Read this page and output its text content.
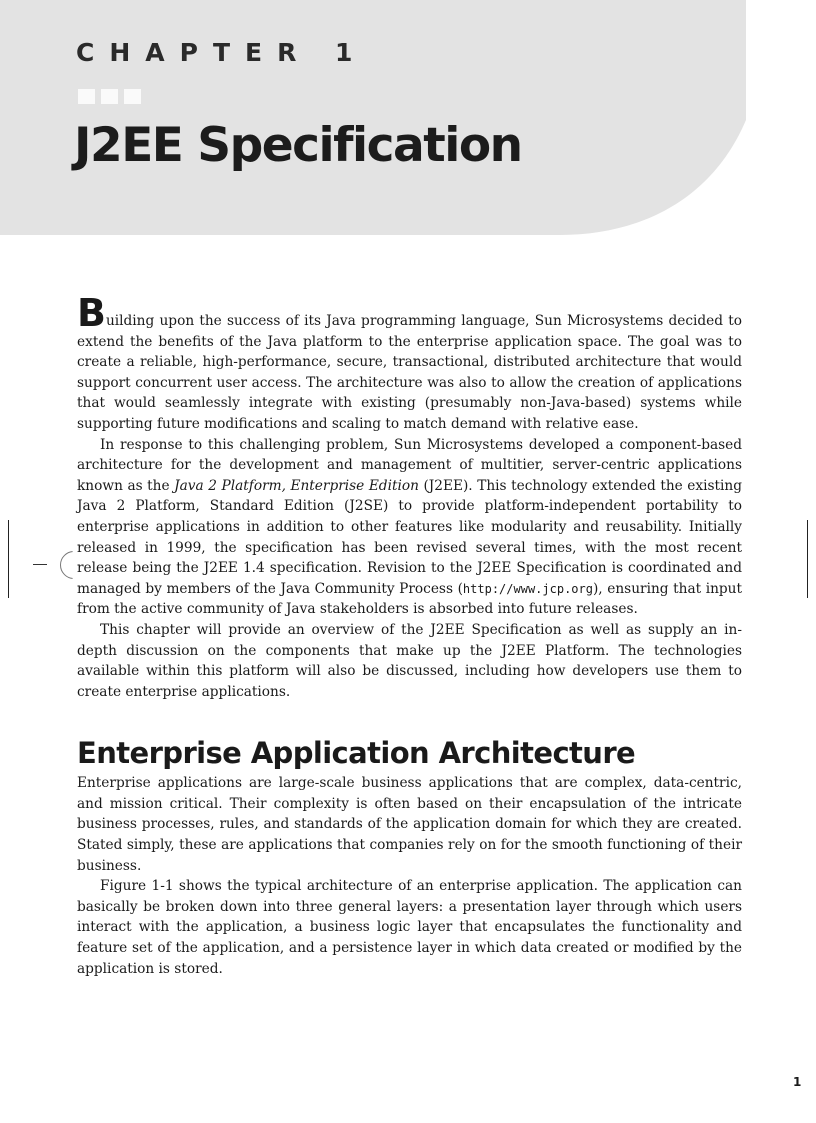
CHAPTER 1
J2EE Specification

Building upon the success of its Java programming language, Sun Microsystems decided to extend the benefits of the Java platform to the enterprise application space. The goal was to create a reliable, high-performance, secure, transactional, distributed architecture that would support concurrent user access. The architecture was also to allow the creation of applications that would seamlessly integrate with existing (presumably non-Java-based) systems while supporting future modifications and scaling to match demand with relative ease.

In response to this challenging problem, Sun Microsystems developed a component-based architecture for the development and management of multitier, server-centric applications known as the Java 2 Platform, Enterprise Edition (J2EE). This technology extended the existing Java 2 Platform, Standard Edition (J2SE) to provide platform-independent portability to enterprise applications in addition to other features like modularity and reusability. Initially released in 1999, the specification has been revised several times, with the most recent release being the J2EE 1.4 specification. Revision to the J2EE Specification is coordinated and managed by members of the Java Community Process (http://www.jcp.org), ensuring that input from the active community of Java stakeholders is absorbed into future releases.

This chapter will provide an overview of the J2EE Specification as well as supply an in-depth discussion on the components that make up the J2EE Platform. The technologies available within this platform will also be discussed, including how developers use them to create enterprise applications.

Enterprise Application Architecture

Enterprise applications are large-scale business applications that are complex, data-centric, and mission critical. Their complexity is often based on their encapsulation of the intricate business processes, rules, and standards of the application domain for which they are created. Stated simply, these are applications that companies rely on for the smooth functioning of their business.

Figure 1-1 shows the typical architecture of an enterprise application. The application can basically be broken down into three general layers: a presentation layer through which users interact with the application, a business logic layer that encapsulates the functionality and feature set of the application, and a persistence layer in which data created or modified by the application is stored.

1
